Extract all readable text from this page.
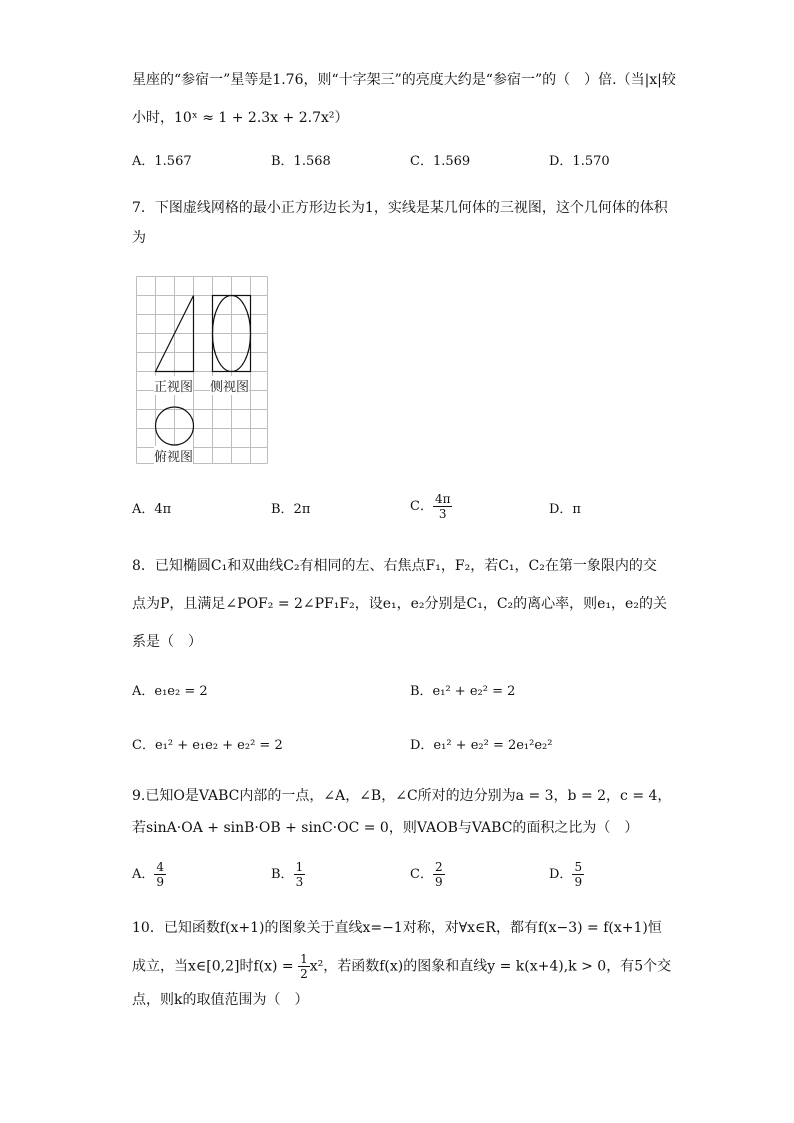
星座的“参宿一”星等是1.76，则“十字架三”的亮度大约是“参宿一”的（　）倍.（当|x|较
小时，10ˣ ≈ 1 + 2.3x + 2.7x²）
A．1.567	B．1.568	C．1.569	D．1.570
7．下图虚线网格的最小正方形边长为1，实线是某几何体的三视图，这个几何体的体积
为
正视图 侧视图
俯视图
A．4π	B．2π	C． $\frac{4\pi}{3}$	D．π
8．已知椭圆C₁和双曲线C₂有相同的左、右焦点F₁，F₂，若C₁，C₂在第一象限内的交
点为P，且满足∠POF₂ = 2∠PF₁F₂，设e₁，e₂分别是C₁，C₂的离心率，则e₁，e₂的关
系是（　）
A．e₁e₂ = 2	B．e₁² + e₂² = 2
C．e₁² + e₁e₂ + e₂² = 2	D．e₁² + e₂² = 2e₁²e₂²
9.已知O是VABC内部的一点，∠A，∠B，∠C所对的边分别为a = 3，b = 2，c = 4，
若sinA·OA + sinB·OB + sinC·OC = 0，则VAOB与VABC的面积之比为（　）
A． $\frac{4}{9}$	B． $\frac{1}{3}$	C． $\frac{2}{9}$	D． $\frac{5}{9}$
10．已知函数f(x+1)的图象关于直线x=−1对称，对∀x∈R，都有f(x−3) = f(x+1)恒
成立，当x∈[0,2]时$f(x) = \frac{1}{2} x^2$，若函数f(x)的图象和直线y = k(x+4),k > 0，有5个交
点，则k的取值范围为（　）
